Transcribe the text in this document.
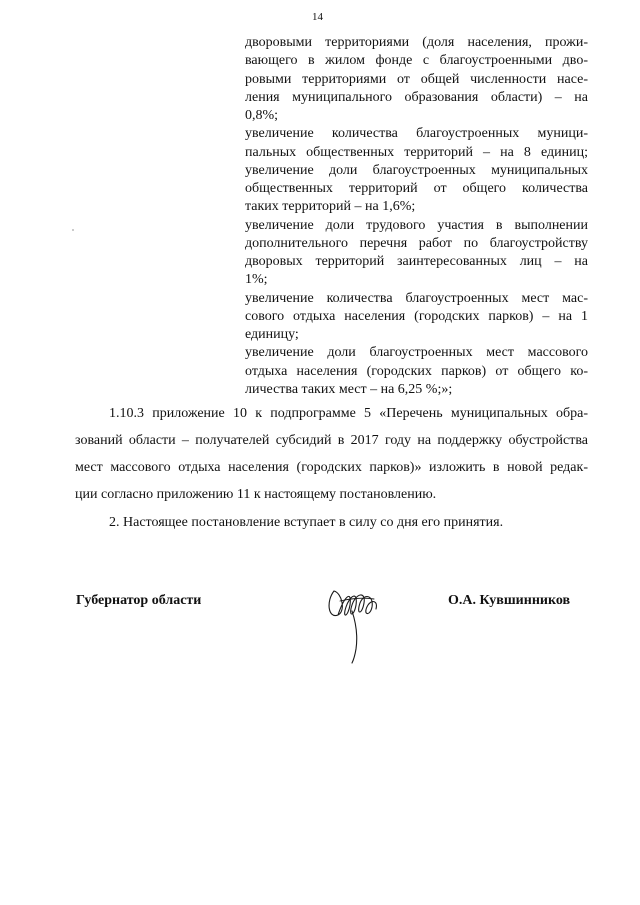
14
дворовыми территориями (доля населения, прожи-
вающего в жилом фонде с благоустроенными дво-
ровыми территориями от общей численности насе-
ления муниципального образования области) – на
0,8%;
увеличение количества благоустроенных муници-
пальных общественных территорий – на 8 единиц;
увеличение доли благоустроенных муниципальных
общественных территорий от общего количества
таких территорий – на 1,6%;
увеличение доли трудового участия в выполнении
дополнительного перечня работ по благоустройству
дворовых территорий заинтересованных лиц – на
1%;
увеличение количества благоустроенных мест мас-
сового отдыха населения (городских парков) – на 1
единицу;
увеличение доли благоустроенных мест массового
отдыха населения (городских парков) от общего ко-
личества таких мест – на 6,25 %;»;
1.10.3 приложение 10 к подпрограмме 5 «Перечень муниципальных обра-
зований области – получателей субсидий в 2017 году на поддержку обустройства
мест массового отдыха населения (городских парков)» изложить в новой редак-
ции согласно приложению 11 к настоящему постановлению.
2. Настоящее постановление вступает в силу со дня его принятия.
Губернатор области	О.А. Кувшинников
